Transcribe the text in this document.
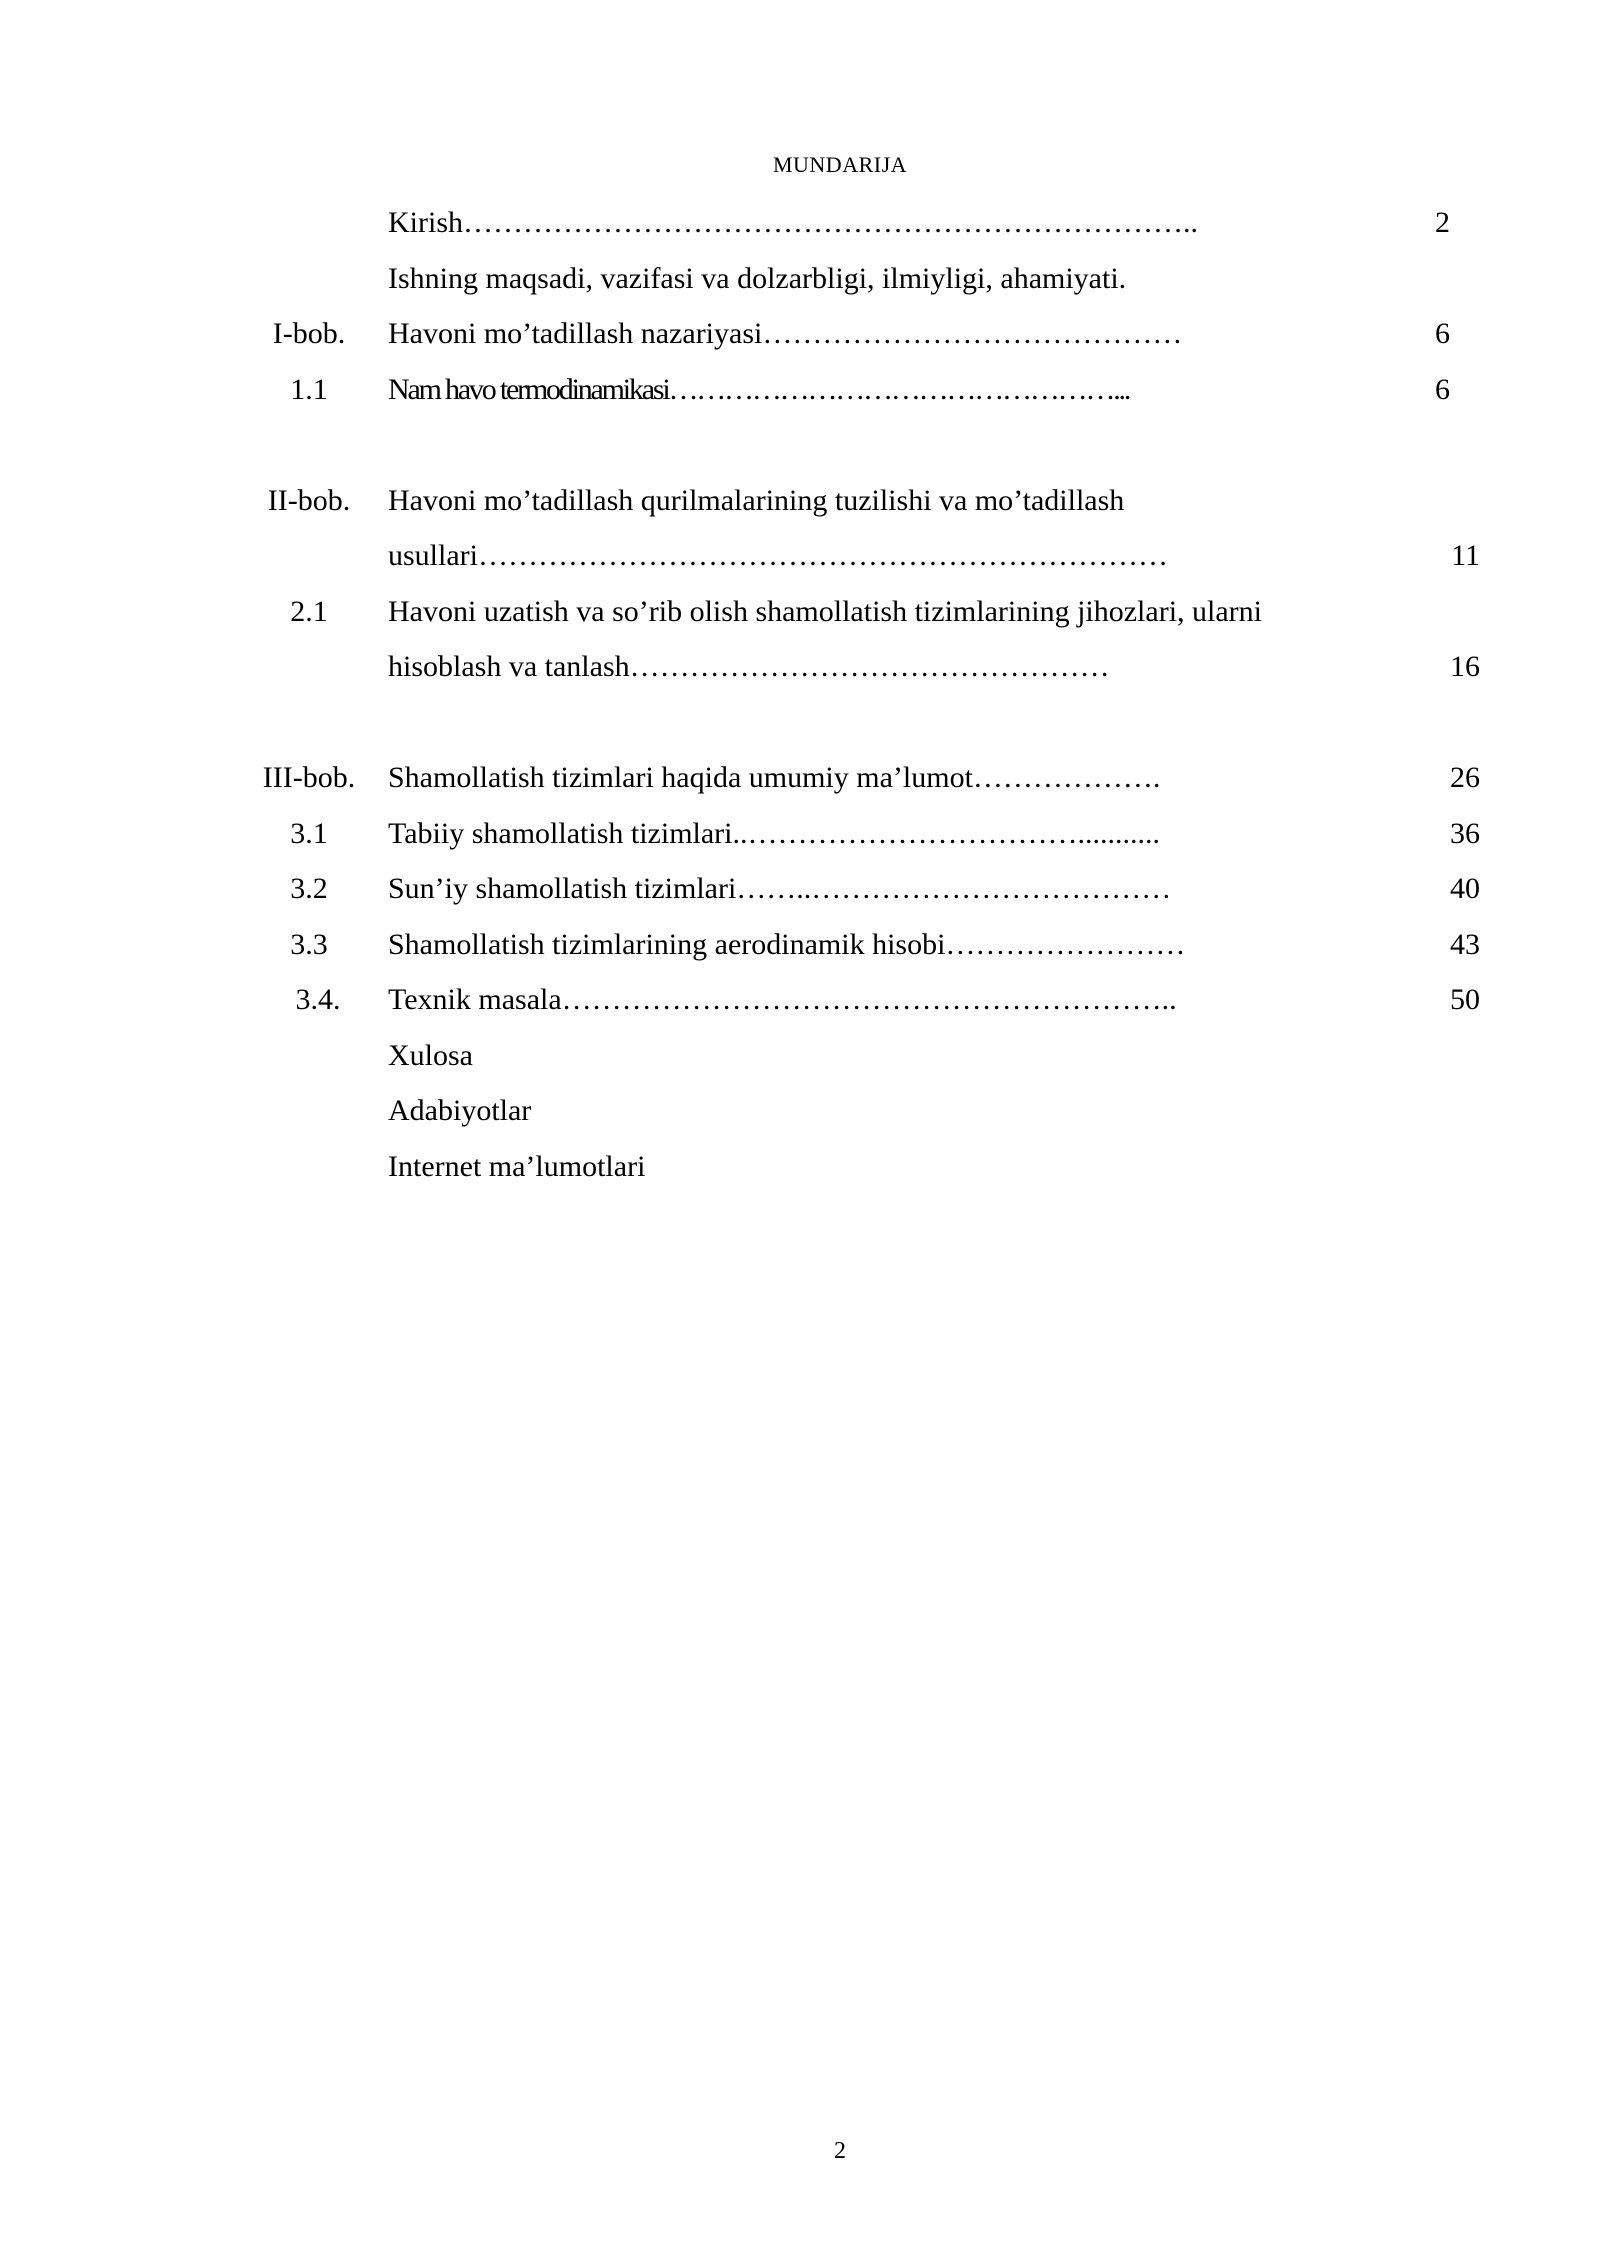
MUNDARIJA
	Kirish………………………………………………………………..	2
	Ishning maqsadi, vazifasi va dolzarbligi, ilmiyligi, ahamiyati.	
I-bob.	Havoni mo’tadillash nazariyasi……………………………………	6
1.1	Nam havo termodinamikasi…………………………………………...	6

II-bob.	Havoni mo’tadillash qurilmalarining tuzilishi va mo’tadillash	
	usullari……………………………………………………………	11
2.1	Havoni uzatish va so’rib olish shamollatish tizimlarining jihozlari, ularni	
	hisoblash va tanlash…………………………………………	16

III-bob.	Shamollatish tizimlari haqida umumiy ma’lumot……………….	26
3.1	Tabiiy shamollatish tizimlari..……………………………...........	36
3.2	Sun’iy shamollatish tizimlari……..………………………………	40
3.3	Shamollatish tizimlarining aerodinamik hisobi……………………	43
3.4.	Texnik masala……………………………………………………..	50
	Xulosa	
	Adabiyotlar	
	Internet ma’lumotlari	
2
